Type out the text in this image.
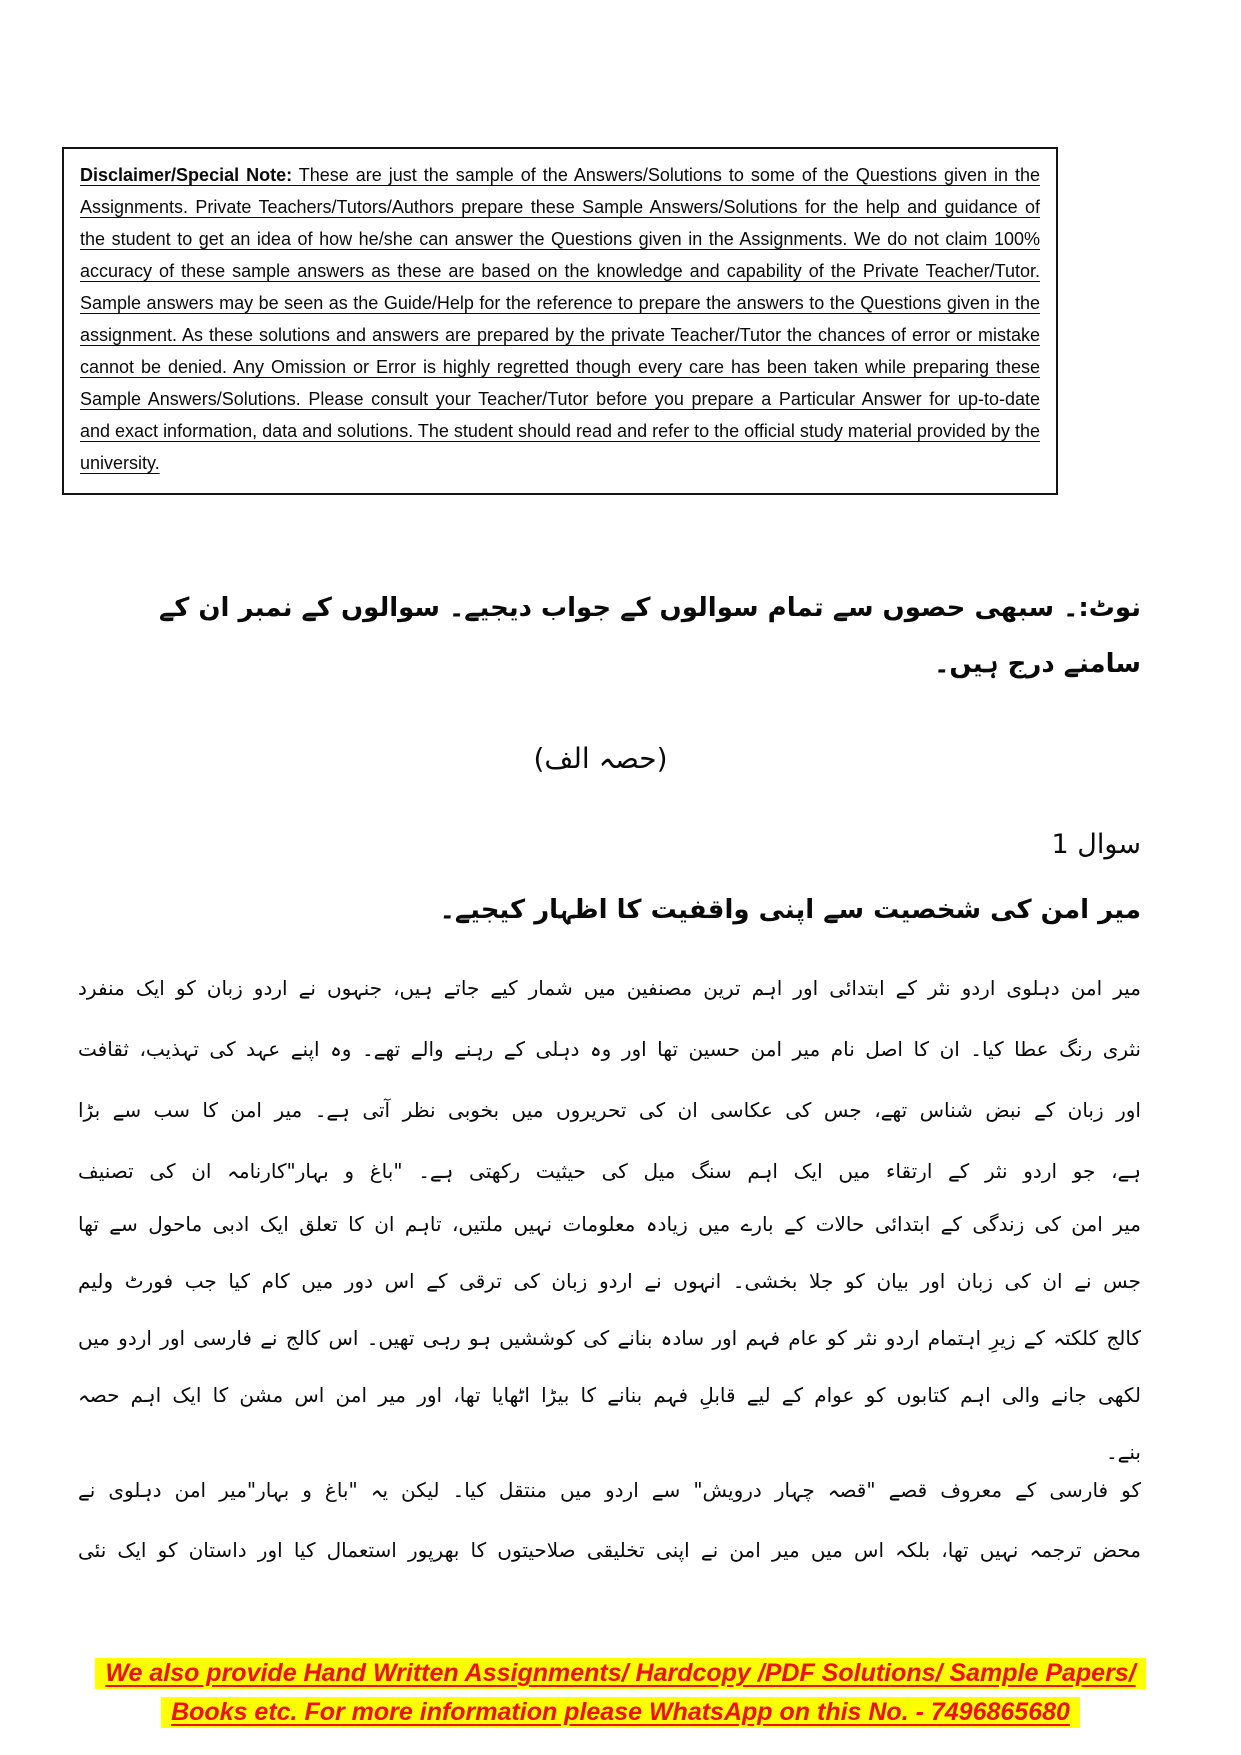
Disclaimer/Special Note: These are just the sample of the Answers/Solutions to some of the Questions given in the Assignments. Private Teachers/Tutors/Authors prepare these Sample Answers/Solutions for the help and guidance of the student to get an idea of how he/she can answer the Questions given in the Assignments. We do not claim 100% accuracy of these sample answers as these are based on the knowledge and capability of the Private Teacher/Tutor. Sample answers may be seen as the Guide/Help for the reference to prepare the answers to the Questions given in the assignment. As these solutions and answers are prepared by the private Teacher/Tutor the chances of error or mistake cannot be denied. Any Omission or Error is highly regretted though every care has been taken while preparing these Sample Answers/Solutions. Please consult your Teacher/Tutor before you prepare a Particular Answer for up-to-date and exact information, data and solutions. The student should read and refer to the official study material provided by the university.

نوٹ:۔ سبھی حصوں سے تمام سوالوں کے جواب دیجیے۔ سوالوں کے نمبر ان کے سامنے درج ہیں۔
(حصہ الف)
سوال 1
میر امن کی شخصیت سے اپنی واقفیت کا اظہار کیجیے۔
میر امن دہلوی اردو نثر کے ابتدائی اور اہم ترین مصنفین میں شمار کیے جاتے ہیں، جنہوں نے اردو زبان کو ایک منفرد
نثری رنگ عطا کیا۔ ان کا اصل نام میر امن حسین تھا اور وہ دہلی کے رہنے والے تھے۔ وہ اپنے عہد کی تہذیب، ثقافت
اور زبان کے نبض شناس تھے، جس کی عکاسی ان کی تحریروں میں بخوبی نظر آتی ہے۔ میر امن کا سب سے بڑا
ہے، جو اردو نثر کے ارتقاء میں ایک اہم سنگ میل کی حیثیت رکھتی ہے۔ "باغ و بہار"کارنامہ ان کی تصنیف
میر امن کی زندگی کے ابتدائی حالات کے بارے میں زیادہ معلومات نہیں ملتیں، تاہم ان کا تعلق ایک ادبی ماحول سے تھا
جس نے ان کی زبان اور بیان کو جلا بخشی۔ انہوں نے اردو زبان کی ترقی کے اس دور میں کام کیا جب فورٹ ولیم
کالج کلکتہ کے زیرِ اہتمام اردو نثر کو عام فہم اور سادہ بنانے کی کوششیں ہو رہی تھیں۔ اس کالج نے فارسی اور اردو میں
لکھی جانے والی اہم کتابوں کو عوام کے لیے قابلِ فہم بنانے کا بیڑا اٹھایا تھا، اور میر امن اس مشن کا ایک اہم حصہ
بنے۔
کو فارسی کے معروف قصے "قصہ چہار درویش" سے اردو میں منتقل کیا۔ لیکن یہ "باغ و بہار"میر امن دہلوی نے
محض ترجمہ نہیں تھا، بلکہ اس میں میر امن نے اپنی تخلیقی صلاحیتوں کا بھرپور استعمال کیا اور داستان کو ایک نئی
We also provide Hand Written Assignments/ Hardcopy /PDF Solutions/ Sample Papers/
Books etc. For more information please WhatsApp on this No. - 7496865680
